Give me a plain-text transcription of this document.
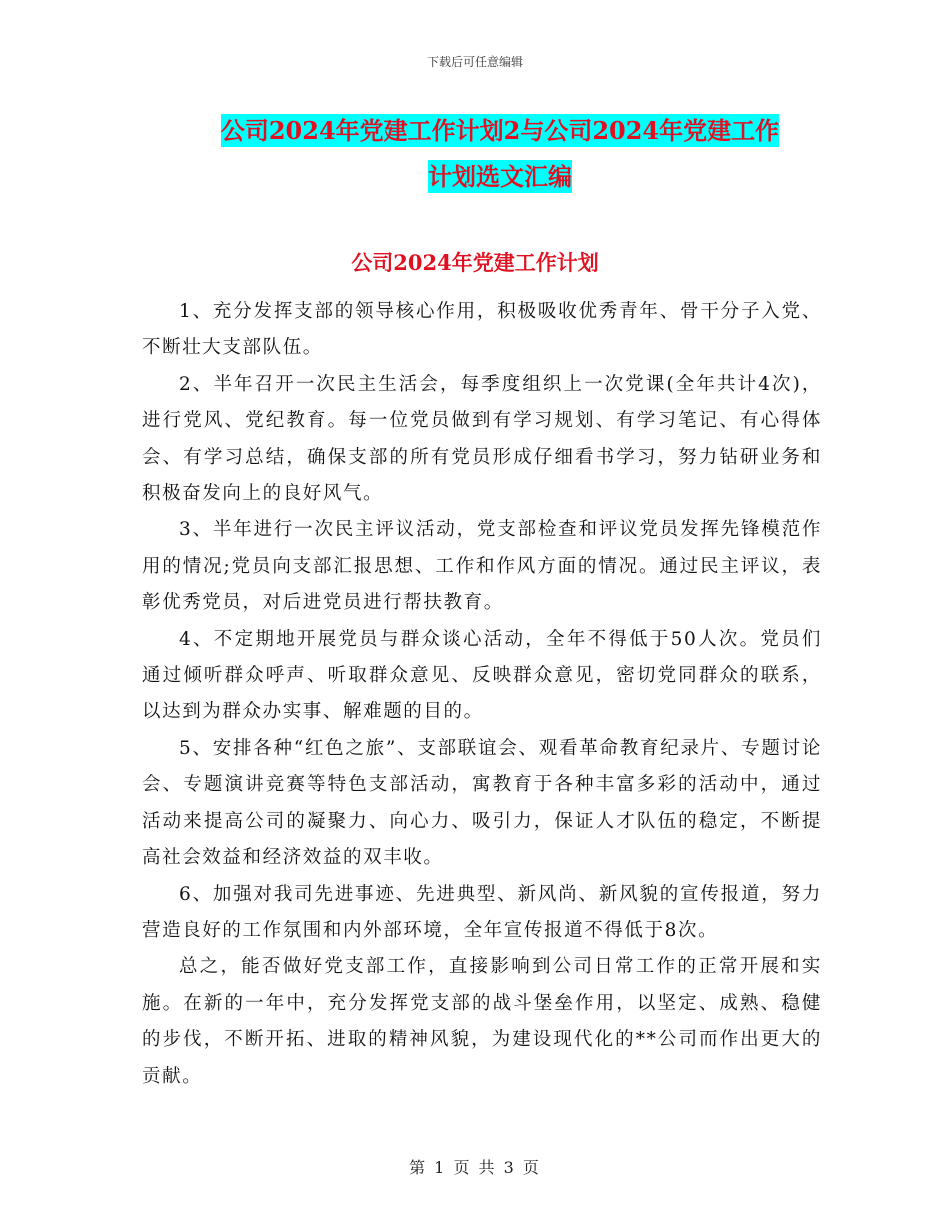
下载后可任意编辑
公司2024年党建工作计划2与公司2024年党建工作
计划选文汇编
公司2024年党建工作计划

1、充分发挥支部的领导核心作用，积极吸收优秀青年、骨干分子入党、不断壮大支部队伍。

2、半年召开一次民主生活会，每季度组织上一次党课(全年共计4次)，进行党风、党纪教育。每一位党员做到有学习规划、有学习笔记、有心得体会、有学习总结，确保支部的所有党员形成仔细看书学习，努力钻研业务和积极奋发向上的良好风气。

3、半年进行一次民主评议活动，党支部检查和评议党员发挥先锋模范作用的情况;党员向支部汇报思想、工作和作风方面的情况。通过民主评议，表彰优秀党员，对后进党员进行帮扶教育。

4、不定期地开展党员与群众谈心活动，全年不得低于50人次。党员们通过倾听群众呼声、听取群众意见、反映群众意见，密切党同群众的联系，以达到为群众办实事、解难题的目的。

5、安排各种“红色之旅”、支部联谊会、观看革命教育纪录片、专题讨论会、专题演讲竞赛等特色支部活动，寓教育于各种丰富多彩的活动中，通过活动来提高公司的凝聚力、向心力、吸引力，保证人才队伍的稳定，不断提高社会效益和经济效益的双丰收。

6、加强对我司先进事迹、先进典型、新风尚、新风貌的宣传报道，努力营造良好的工作氛围和内外部环境，全年宣传报道不得低于8次。

总之，能否做好党支部工作，直接影响到公司日常工作的正常开展和实施。在新的一年中，充分发挥党支部的战斗堡垒作用，以坚定、成熟、稳健的步伐，不断开拓、进取的精神风貌，为建设现代化的**公司而作出更大的贡献。

第 1 页 共 3 页
